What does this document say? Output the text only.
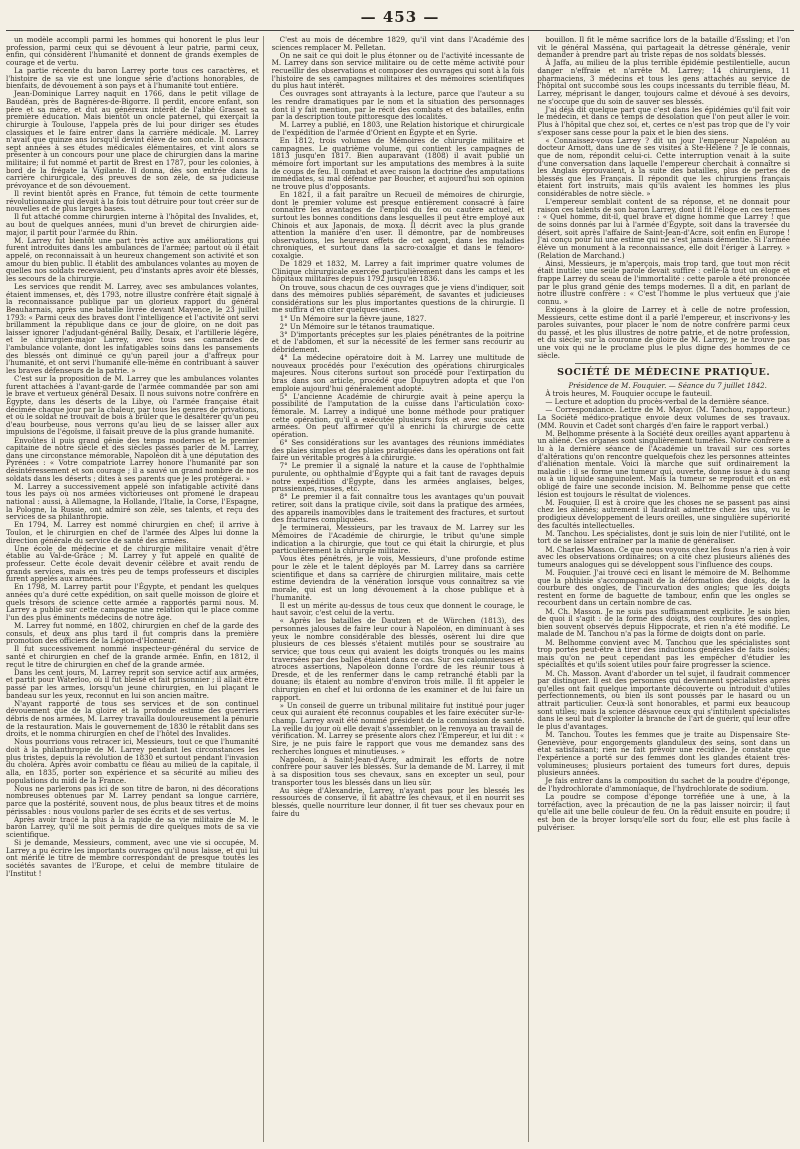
— 453 —

un modèle accompli parmi les hommes qui honorent le plus leur profession, parmi ceux qui se dévouent à leur patrie, parmi ceux, enfin, qui considèrent l'humanité et donnent de grands exemples de courage et de vertu.

La partie récente du baron Larrey porte tous ces caractères, et l'histoire de sa vie est une longue série d'actions honorables, de bienfaits, de dévouement à son pays et à l'humanité tout entière.

Jean-Dominique Larrey naquit en 1766, dans le petit village de Baudéan, près de Bagnères-de-Bigorre. Il perdit, encore enfant, son père et sa mère, et dut au généreux intérêt de l'abbé Grasset sa première éducation. Mais bientôt un oncle paternel, qui exerçait la chirurgie à Toulouse, l'appela près de lui pour diriger ses études classiques et le faire entrer dans la carrière médicale. M. Larrey n'avait que quinze ans lorsqu'il devint élève de son oncle. Il consacra sept années à ses études médicales élémentaires, et vint alors se présenter à un concours pour une place de chirurgien dans la marine militaire; il fut nommé et partit de Brest en 1787, pour les colonies, à bord de la frégate la Vigilante. Il donna, dès son entrée dans la carrière chirurgicale, des preuves de son zèle, de sa judicieuse prévoyance et de son dévouement.

Il revint bientôt après en France, fut témoin de cette tourmente révolutionnaire qui devait à la fois tout détruire pour tout créer sur de nouvelles et de plus larges bases.

Il fut attaché comme chirurgien interne à l'hôpital des Invalides, et, au bout de quelques années, muni d'un brevet de chirurgien aide-major, il partit pour l'armée du Rhin.

M. Larrey fut bientôt une part très active aux améliorations qui furent introduites dans les ambulances de l'armée; partout où il était appelé, on reconnaissait à un heureux changement son activité et son amour du bien public. Il établit des ambulances volantes au moyen de quelles nos soldats recevaient, peu d'instants après avoir été blessés, les secours de la chirurgie.

Les services que rendit M. Larrey, avec ses ambulances volantes, étaient immenses, et, dès 1793, notre illustre confrère était signalé à la reconnaissance publique par un glorieux rapport du général Beauharnais, après une bataille livrée devant Mayence, le 23 juillet 1793: « Parmi ceux des braves dont l'intelligence et l'activité ont servi brillamment la république dans ce jour de gloire, on ne doit pas laisser ignorer l'adjudant-général Bailly, Desaix, et l'artillerie légère, et le chirurgien-major Larrey, avec tous ses camarades de l'ambulance volante, dont les infatigables soins dans les pansements des blessés ont diminué ce qu'un pareil jour a d'affreux pour l'humanité, et ont servi l'humanité elle-même en contribuant à sauver les braves défenseurs de la patrie. »

C'est sur la proposition de M. Larrey que les ambulances volantes furent attachées à l'avant-garde de l'armée commandée par son ami le brave et vertueux général Desaix. Il nous suivons notre confrère en Égypte, dans les déserts de la Libye, où l'armée française était décimée chaque jour par la chaleur, par tous les genres de privations, et où le soldat ne trouvait de bois à brûler que le désaltérer qu'un peu d'eau bourbeuse, nous verrons qu'au lieu de se laisser aller aux impulsions de l'égoïsme, il faisait preuve de la plus grande humanité.

Envoûtes il puis grand génie des temps modernes et le premier capitaine de notre siècle et des siècles passés parler de M. Larrey, dans une circonstance mémorable, Napoléon dit à une députation des Pyrénées : « Votre compatriote Larrey honore l'humanité par son désintéressement et son courage ; il a sauvé un grand nombre de nos soldats dans les déserts ; dites à ses parents que je les protégerai. »

M. Larrey a successivement appelé son infatigable activité dans tous les pays où nos armées victorieuses ont promené le drapeau national : aussi, à Allemagne, la Hollande, l'Italie, la Corse, l'Espagne, la Pologne, la Russie, ont admiré son zèle, ses talents, et reçu des services de sa philanthropie.

En 1794, M. Larrey est nommé chirurgien en chef; il arrive à Toulon, et le chirurgien en chef de l'armée des Alpes lui donne la direction générale du service de santé des armées.

Une école de médecine et de chirurgie militaire venait d'être établie au Val-de-Grâce ; M. Larrey y fut appelé en qualité de professeur. Cette école devait devenir célèbre et avait rendu de grands services, mais en très peu de temps professeurs et disciples furent appelés aux armées.

En 1798, M. Larrey partit pour l'Égypte, et pendant les quelques années qu'a duré cette expédition, on sait quelle moisson de gloire et quels trésors de science cette armée a rapportés parmi nous. M. Larrey a publié sur cette campagne une relation qui le place comme l'un des plus éminents médecins de notre âge.

M. Larrey fut nommé, en 1802, chirurgien en chef de la garde des consuls, et deux ans plus tard il fut compris dans la première promotion des officiers de la Légion-d'Honneur.

Il fut successivement nommé inspecteur-général du service de santé et chirurgien en chef de la grande armée. Enfin, en 1812, il reçut le titre de chirurgien en chef de la grande armée.

Dans les cent jours, M. Larrey reprit son service actif aux armées, et partit pour Waterloo, où il fut blessé et fait prisonnier ; il allait être passé par les armes, lorsqu'un jeune chirurgien, en lui plaçant le bandeau sur les yeux, reconnut en lui son ancien maître.

N'ayant rapporté de tous ses services et de son continuel dévouement que de la gloire et la profonde estime des guerriers débris de nos armées, M. Larrey travailla douloureusement la pénurie de la restauration. Mais le gouvernement de 1830 le rétablit dans ses droits, et le nomma chirurgien en chef de l'hôtel des Invalides.

Nous pourrions vous retracer ici, Messieurs, tout ce que l'humanité doit à la philanthropie de M. Larrey pendant les circonstances les plus tristes, depuis la révolution de 1830 et surtout pendant l'invasion du choléra. Après avoir combattu ce fléau au milieu de la capitale, il alla, en 1835, porter son expérience et sa sécurité au milieu des populations du midi de la France.

Nous ne parlerons pas ici de son titre de baron, ni des décorations nombreuses obtenues par M. Larrey pendant sa longue carrière, parce que la postérité, souvent nous, de plus beaux titres et de moins périssables : nous voulons parler de ses écrits et de ses vertus.

Après avoir tracé la plus à la rapide de sa vie militaire de M. le baron Larrey, qu'il me soit permis de dire quelques mots de sa vie scientifique.

Si je demande, Messieurs, comment, avec une vie si occupée, M. Larrey a pu écrire les importants ouvrages qu'il nous laisse, et qui lui ont mérité le titre de membre correspondant de presque toutes les sociétés savantes de l'Europe, et celui de membre titulaire de l'Institut !

C'est au mois de décembre 1829, qu'il vint dans l'Académie des sciences remplacer M. Pelletan.

On ne sait ce qui doit le plus étonner ou de l'activité incessante de M. Larrey dans son service militaire ou de cette même activité pour recueillir des observations et composer des ouvrages qui sont à la fois l'histoire de ses campagnes militaires et des mémoires scientifiques du plus haut intérêt.

Ces ouvrages sont attrayants à la lecture, parce que l'auteur a su les rendre dramatiques par le nom et la situation des personnages dont il y fait mention, par le récit des combats et des batailles, enfin par la description toute pittoresque des localités.

M. Larrey a publié, en 1803, une Relation historique et chirurgicale de l'expédition de l'armée d'Orient en Égypte et en Syrie.

En 1812, trois volumes de Mémoires de chirurgie militaire et campagnes. Le quatrième volume, qui contient les campagnes de 1813 jusqu'en 1817. Bien auparavant (1808) il avait publié un mémoire fort important sur les amputations des membres à la suite de coups de feu. Il combat et avec raison la doctrine des amputations immédiates, si mal défendue par Boucher, et aujourd'hui son opinion ne trouve plus d'opposants.

En 1821, il a fait paraître un Recueil de mémoires de chirurgie, dont le premier volume est presque entièrement consacré à faire connaître les avantages de l'emploi du feu ou cautère actuel, et surtout les bonnes conditions dans lesquelles il peut être employé aux Chinois et aux Japonais, de moxa. Il décrit avec la plus grande attention la manière d'en user. Il démontre, par de nombreuses observations, les heureux effets de cet agent, dans les maladies chroniques, et surtout dans la sacro-coxalgie et dans le fémoro-coxalgie.

De 1829 et 1832, M. Larrey a fait imprimer quatre volumes de Clinique chirurgicale exercée particulièrement dans les camps et les hôpitaux militaires depuis 1792 jusqu'en 1836.

On trouve, sous chacun de ces ouvrages que je viens d'indiquer, soit dans des mémoires publiés séparément, de savantes et judicieuses considérations sur les plus importantes questions de la chirurgie. Il me suffira d'en citer quelques-unes.

1° Un Mémoire sur la fièvre jaune, 1827.

2° Un Mémoire sur le tétanos traumatique.

3° D'importants préceptes sur les plaies pénétrantes de la poitrine et de l'abdomen, et sur la nécessité de les fermer sans recourir au débridement.

4° La médecine opératoire doit à M. Larrey une multitude de nouveaux procédés pour l'exécution des opérations chirurgicales majeures. Nous citerons surtout son procédé pour l'extirpation du bras dans son article, procédé que Dupuytren adopta et que l'on emploie aujourd'hui généralement adopté.

5° L'ancienne Académie de chirurgie avait à peine aperçu la possibilité de l'amputation de la cuisse dans l'articulation coxo-fémorale. M. Larrey a indiqué une bonne méthode pour pratiquer cette opération, qu'il a exécutée plusieurs fois et avec succès aux armées. On peut affirmer qu'il a enrichi la chirurgie de cette opération.

6° Ses considérations sur les avantages des réunions immédiates des plaies simples et des plaies pratiquées dans les opérations ont fait faire un véritable progrès à la chirurgie.

7° Le premier il a signalé la nature et la cause de l'ophthalmie purulente, ou ophthalmie d'Égypte qui a fait tant de ravages depuis notre expédition d'Égypte, dans les armées anglaises, belges, prussiennes, russes, etc.

8° Le premier il a fait connaître tous les avantages qu'un pouvait retirer, soit dans la pratique civile, soit dans la pratique des armées, des appareils inamovibles dans le traitement des fractures, et surtout des fractures compliquées.

Je terminerai, Messieurs, par les travaux de M. Larrey sur les Mémoires de l'Académie de chirurgie, le tribut qu'une simple indication a la chirurgie, que tout ce qui était la chirurgie, et plus particulièrement la chirurgie militaire.

Vous êtes pénétrés, je le vois, Messieurs, d'une profonde estime pour le zèle et le talent déployés par M. Larrey dans sa carrière scientifique et dans sa carrière de chirurgien militaire, mais cette estime deviendra de la vénération lorsque vous connaîtrez sa vie morale, qui est un long dévouement à la chose publique et à l'humanité.

Il est un mérite au-dessus de tous ceux que donnent le courage, le haut savoir, c'est celui de la vertu.

« Après les batailles de Dautzen et de Würchen (1813), des personnes jalouses de faire leur cour à Napoléon, en diminuant à ses yeux le nombre considérable des blessés, osèrent lui dire que plusieurs de ces blessés s'étaient mutilés pour se soustraire au service; que tous ceux qui avaient les doigts tronqués ou les mains traversées par des balles étaient dans ce cas. Sur ces calomnieuses et atroces assertions, Napoléon donne l'ordre de les réunir tous à Dresde, et de les renfermer dans le camp retranché établi par la douane; ils étaient au nombre d'environ trois mille. Il fit appeler le chirurgien en chef et lui ordonna de les examiner et de lui faire un rapport.

» Un conseil de guerre un tribunal militaire fut institué pour juger ceux qui auraient été reconnus coupables et les faire exécuter sur-le-champ. Larrey avait été nommé président de la commission de santé. La veille du jour où elle devait s'assembler, on le renvoya au travail de vérification. M. Larrey se présente alors chez l'Empereur, et lui dit : « Sire, je ne puis faire le rapport que vous me demandez sans des recherches longues et minutieuses. »

Napoléon, à Saint-Jean-d'Acre, admirait les efforts de notre confrère pour sauver les blessés. Sur la demande de M. Larrey, il mit à sa disposition tous ses chevaux, sans en excepter un seul, pour transporter tous les blessés dans un lieu sûr.

Au siège d'Alexandrie, Larrey, n'ayant pas pour les blessés les ressources de conserve, il fit abattre les chevaux, et il en nourrit ses blessés, quelle nourriture leur donner, il fit tuer ses chevaux pour en faire du

bouillon. Il fit le même sacrifice lors de la bataille d'Essling; et l'on vit le général Masséna, qui partageait la détresse générale, venir demander à prendre part au triste repas de nos soldats blessés.

À Jaffa, au milieu de la plus terrible épidémie pestilentielle, aucun danger n'effraie et n'arrête M. Larrey; 14 chirurgiens, 11 pharmaciens, 3 médecins et tous les gens attachés au service de l'hôpital ont succombé sous les coups incessants du terrible fléau, M. Larrey, méprisant le danger, toujours calme et dévoué à ses devoirs, ne s'occupe que du soin de sauver ses blessés.

J'ai déjà dit quelque part que c'est dans les épidémies qu'il fait voir le médecin, et dans ce temps de désolation que l'on peut aller le voir. Plus à l'hôpital que chez soi, et, certes ce n'est pas trop que de l'y voir s'exposer sans cesse pour la paix et le bien des siens.

« Connaissez-vous Larrey ? dit un jour l'empereur Napoléon au docteur Arnott, dans une de ses visites à Ste-Hélène ? Je le connais, que de nom, répondit celui-ci. Cette interruption venait à la suite d'une conversation dans laquelle l'empereur cherchait à connaître si les Anglais éprouvaient, à la suite des batailles, plus de pertes de blessés que les Français. Il répondit que les chirurgiens français étaient fort instruits, mais qu'ils avaient les hommes les plus considérables de notre siècle. »

L'empereur semblait content de sa réponse, et ne donnait pour raison ces talents de son baron Larrey, dont il fit l'éloge en ces termes : « Quel homme, dit-il, quel brave et digne homme que Larrey ! que de soins donnés par lui à l'armée d'Égypte, soit dans la traversée du désert, soit après l'affaire de Saint-Jean-d'Acre, soit enfin en Europe ! J'ai conçu pour lui une estime qui ne s'est jamais démentie. Si l'armée élève un monument à la reconnaissance, elle doit l'ériger à Larrey. » (Relation de Marchand.)

Ainsi, Messieurs, je m'aperçois, mais trop tard, que tout mon récit était inutile; une seule parole devait suffire : celle-là tout un éloge et frappe Larrey du sceau de l'immortalité : cette parole a été prononcée par le plus grand génie des temps modernes. Il a dit, en parlant de notre illustre confrère : « C'est l'homme le plus vertueux que j'aie connu. »

Exigeons à la gloire de Larrey et à celle de notre profession, Messieurs, cette estime dont il a parlé l'empereur, et inscrivons-y les paroles suivantes, pour placer le nom de notre confrère parmi ceux du passé, et les plus illustres de notre patrie, et de notre profession, et du siècle; sur la couronne de gloire de M. Larrey, je ne trouve pas une voix qui ne le proclame plus le plus digne des hommes de ce siècle.

SOCIÉTÉ DE MÉDECINE PRATIQUE.

Présidence de M. Fouquier. — Séance du 7 juillet 1842.

À trois heures, M. Fouquier occupe le fauteuil.

— Lecture et adoption du procès-verbal de la dernière séance.

— Correspondance. Lettre de M. Mayor. (M. Tanchou, rapporteur.) La Société médico-pratique envoie deux volumes de ses travaux. (MM. Rouvin et Cadet sont chargés d'en faire le rapport verbal.)

M. Belhomme présente à la Société deux oreilles ayant appartenu à un aliéné. Ces organes sont singulièrement tuméfiés. Notre confrère a lu à la dernière séance de l'Académie un travail sur ces sortes d'altérations qu'on rencontre quelquefois chez les personnes atteintes d'aliénation mentale. Voici la marche que suit ordinairement la maladie : il se forme une tumeur qui, ouverte, donne issue à du sang ou à un liquide sanguinolent. Mais la tumeur se reproduit et on est obligé de faire une seconde incision. M. Belhomme pense que cette lésion est toujours le résultat de violences.

M. Fouquier. Il est à croire que les choses ne se passent pas ainsi chez les aliénés; autrement il faudrait admettre chez les uns, vu le prodigieux développement de leurs oreilles, une singulière supériorité des facultés intellectuelles.

M. Tanchou. Les spécialistes, dont je suis loin de nier l'utilité, ont le tort de se laisser entraîner par la manie de généraliser.

M. Charles Masson. Ce que nous voyons chez les fous n'a rien à voir avec les observations ordinaires; on a cité chez plusieurs aliénés des tumeurs analogues qui se développent sous l'influence des coups.

M. Fouquier. J'ai trouvé ceci en lisant le mémoire de M. Belhomme que la phthisie s'accompagnait de la déformation des doigts, de la courbure des ongles, de l'incurvation des ongles; que les doigts restent en forme de baguette de tambour, enfin que les ongles se recourbent dans un certain nombre de cas.

M. Ch. Masson. Je ne suis pas suffisamment explicite. Je sais bien de quoi il s'agit : de la forme des doigts, des courbures des ongles, bien souvent observés depuis Hippocrate, et rien n'a été modifié. Le malade de M. Tanchou n'a pas la forme de doigts dont on parle.

M. Belhomme convient avec M. Tanchou que les spécialistes sont trop portés peut-être à tirer des inductions générales de faits isolés; mais qu'on ne peut cependant pas les empêcher d'étudier les spécialités et qu'ils soient utiles pour faire progresser la science.

M. Ch. Masson. Avant d'aborder un tel sujet, il faudrait commencer par distinguer. Il est des personnes qui deviennent spécialistes après qu'elles ont fait quelque importante découverte ou introduit d'utiles perfectionnements, ou bien ils sont poussés par le hasard ou un attrait particulier. Ceux-là sont honorables, et parmi eux beaucoup sont utiles; mais la science désavoue ceux qui s'intitulent spécialistes dans le seul but d'exploiter la branche de l'art de guérir, qui leur offre le plus d'avantages.

M. Tanchou. Toutes les femmes que je traite au Dispensaire Ste-Geneviève, pour engorgements glanduleux des seins, sont dans un état satisfaisant; rien ne fait prévoir une récidive. Je constate que l'expérience a porté sur des femmes dont les glandes étaient très-volumineuses; plusieurs portaient des tumeurs fort dures, depuis plusieurs années.

Je fais entrer dans la composition du sachet de la poudre d'éponge, de l'hydrochlorate d'ammoniaque, de l'hydrochlorate de sodium.

La poudre se compose d'éponge torréfiée une à une, à la torréfaction, avec la précaution de ne la pas laisser noircir; il faut qu'elle ait une belle couleur de feu. On la réduit ensuite en poudre; il est bon de la broyer lorsqu'elle sort du four, elle est plus facile à pulvériser.
